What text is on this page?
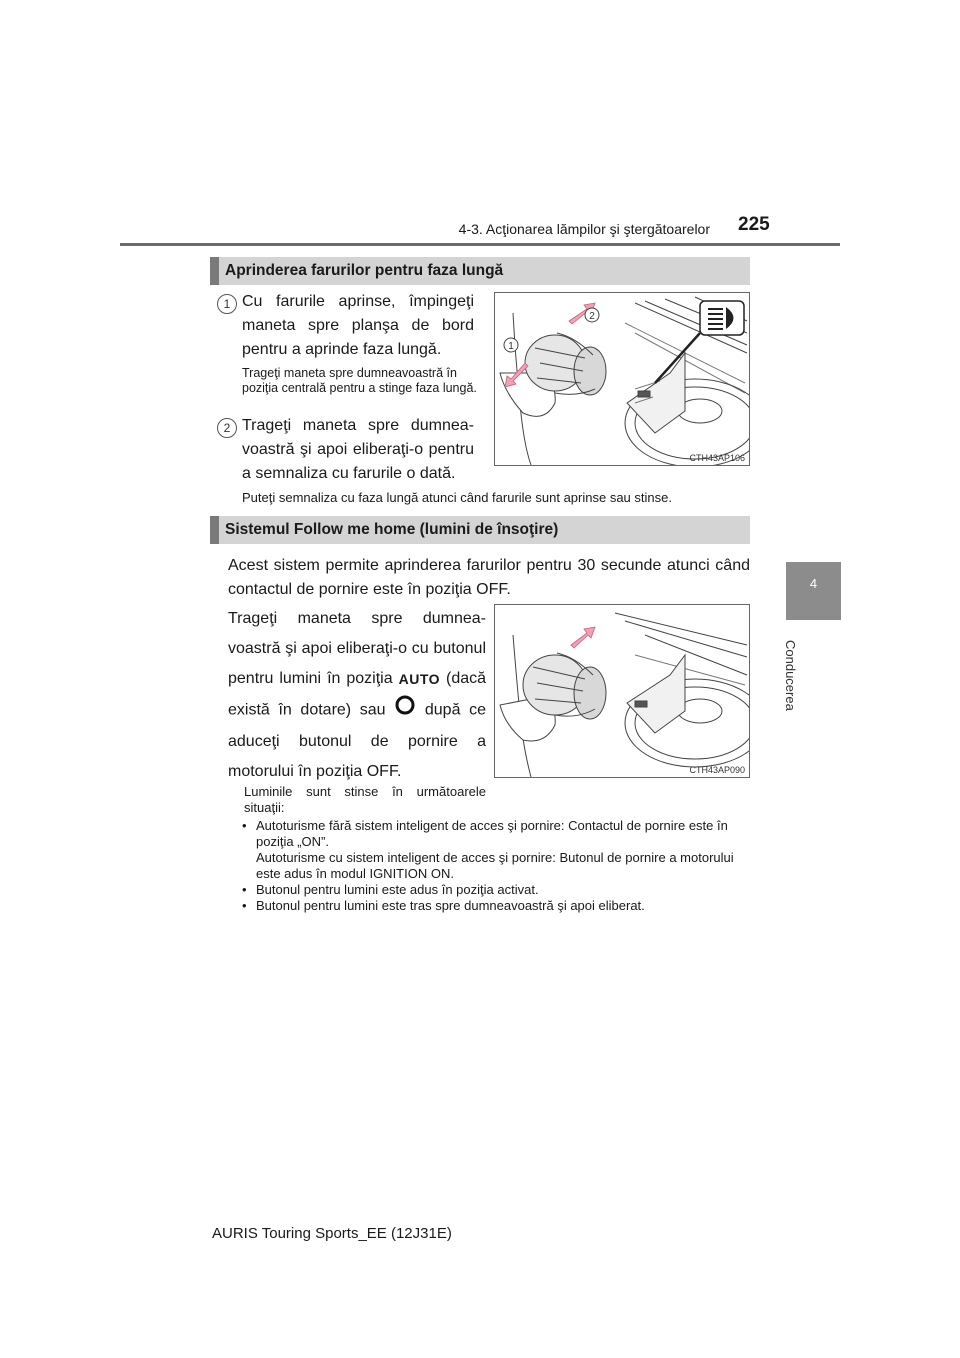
4-3. Acţionarea lămpilor şi ştergătoarelor 225
4
Conducerea
Aprinderea farurilor pentru faza lungă
1 Cu farurile aprinse, împingeţi maneta spre planşa de bord pentru a aprinde faza lungă.
Trageţi maneta spre dumneavoastră în poziţia centrală pentru a stinge faza lungă.
2 Trageţi maneta spre dumnea-voastră şi apoi eliberaţi-o pentru a semnaliza cu farurile o dată.
Puteţi semnaliza cu faza lungă atunci când farurile sunt aprinse sau stinse.
2
1
CTH43AP106
Sistemul Follow me home (lumini de însoţire)
Acest sistem permite aprinderea farurilor pentru 30 secunde atunci când contactul de pornire este în poziţia OFF.
Trageţi maneta spre dumnea-voastră şi apoi eliberaţi-o cu butonul pentru lumini în poziţia AUTO (dacă există în dotare) sau după ce aduceţi butonul de pornire a motorului în poziţia OFF.	CTH43AP090
Luminile sunt stinse în următoarele situaţii:
• Autoturisme fără sistem inteligent de acces şi pornire: Contactul de pornire este în poziţia „ON”.
Autoturisme cu sistem inteligent de acces şi pornire: Butonul de pornire a motorului este adus în modul IGNITION ON.
• Butonul pentru lumini este adus în poziţia activat.
• Butonul pentru lumini este tras spre dumneavoastră şi apoi eliberat.
AURIS Touring Sports_EE (12J31E)
